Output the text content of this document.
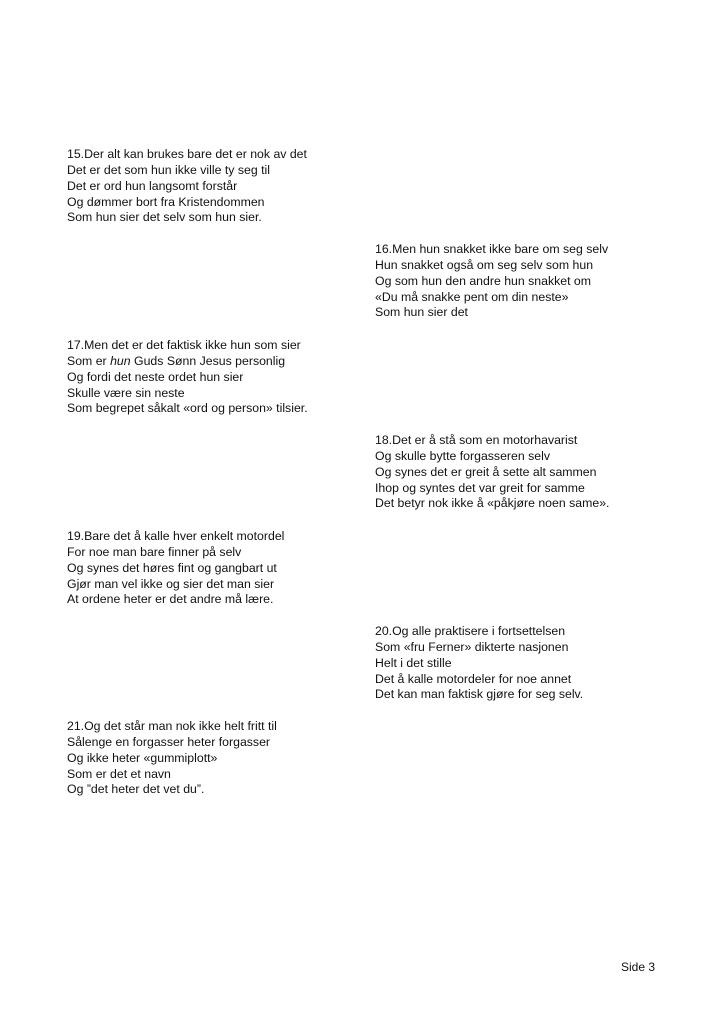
15.Der alt kan brukes bare det er nok av det
Det er det som hun ikke ville ty seg til
Det er ord hun langsomt forstår
Og dømmer bort fra Kristendommen
Som hun sier det selv som hun sier.
16.Men hun snakket ikke bare om seg selv
Hun snakket også om seg selv som hun
Og som hun den andre hun snakket om
«Du må snakke pent om din neste»
Som hun sier det
17.Men det er det faktisk ikke hun som sier
Som er hun Guds Sønn Jesus personlig
Og fordi det neste ordet hun sier
Skulle være sin neste
Som begrepet såkalt «ord og person» tilsier.
18.Det er å stå som en motorhavarist
Og skulle bytte forgasseren selv
Og synes det er greit å sette alt sammen
Ihop og syntes det var greit for samme
Det betyr nok ikke å «påkjøre noen same».
19.Bare det å kalle hver enkelt motordel
For noe man bare finner på selv
Og synes det høres fint og gangbart ut
Gjør man vel ikke og sier det man sier
At ordene heter er det andre må lære.
20.Og alle praktisere i fortsettelsen
Som «fru Ferner» dikterte nasjonen
Helt i det stille
Det å kalle motordeler for noe annet
Det kan man faktisk gjøre for seg selv.
21.Og det står man nok ikke helt fritt til
Sålenge en forgasser heter forgasser
Og ikke heter «gummiplott»
Som er det et navn
Og ”det heter det vet du”.
Side 3
